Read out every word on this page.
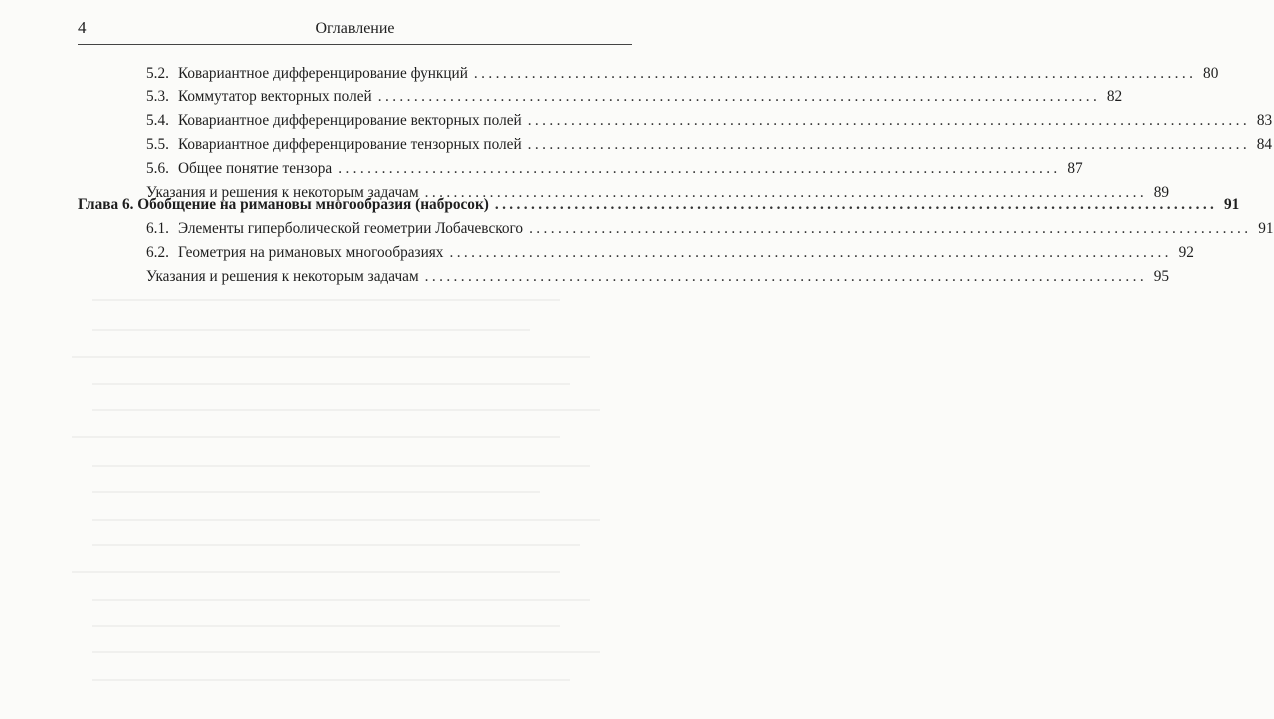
4	Оглавление
5.2. Ковариантное дифференцирование функций .................................................................................................... 80
5.3. Коммутатор векторных полей .................................................................................................... 82
5.4. Ковариантное дифференцирование векторных полей .................................................................................................... 83
5.5. Ковариантное дифференцирование тензорных полей .................................................................................................... 84
5.6. Общее понятие тензора .................................................................................................... 87
Указания и решения к некоторым задачам .................................................................................................... 89
Глава 6. Обобщение на римановы многообразия (набросок) .................................................................................................... 91
6.1. Элементы гиперболической геометрии Лобачевского .................................................................................................... 91
6.2. Геометрия на римановых многообразиях .................................................................................................... 92
Указания и решения к некоторым задачам .................................................................................................... 95
